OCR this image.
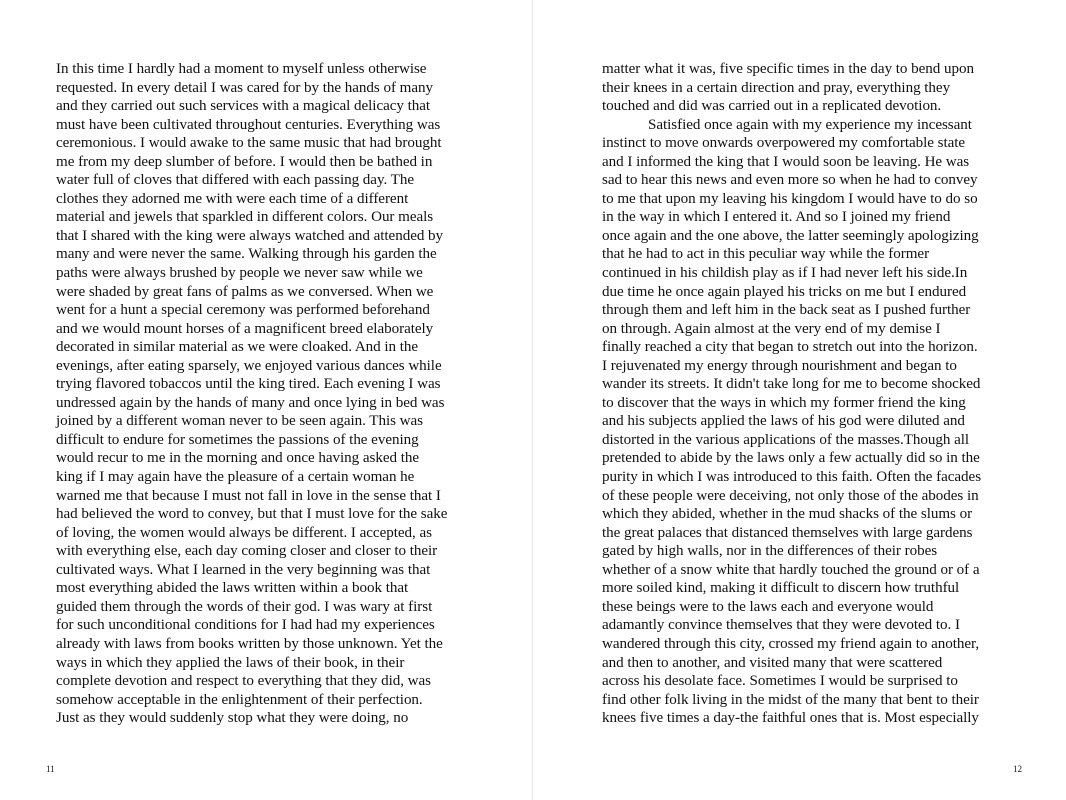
In this time I hardly had a moment to myself unless otherwise
requested. In every detail I was cared for by the hands of many
and they carried out such services with a magical delicacy that
must have been cultivated throughout centuries. Everything was
ceremonious. I would awake to the same music that had brought
me from my deep slumber of before. I would then be bathed in
water full of cloves that differed with each passing day. The
clothes they adorned me with were each time of a different
material and jewels that sparkled in different colors. Our meals
that I shared with the king were always watched and attended by
many and were never the same. Walking through his garden the
paths were always brushed by people we never saw while we
were shaded by great fans of palms as we conversed. When we
went for a hunt a special ceremony was performed beforehand
and we would mount horses of a magnificent breed elaborately
decorated in similar material as we were cloaked. And in the
evenings, after eating sparsely, we enjoyed various dances while
trying flavored tobaccos until the king tired. Each evening I was
undressed again by the hands of many and once lying in bed was
joined by a different woman never to be seen again. This was
difficult to endure for sometimes the passions of the evening
would recur to me in the morning and once having asked the
king if I may again have the pleasure of a certain woman he
warned me that because I must not fall in love in the sense that I
had believed the word to convey, but that I must love for the sake
of loving, the women would always be different. I accepted, as
with everything else, each day coming closer and closer to their
cultivated ways. What I learned in the very beginning was that
most everything abided the laws written within a book that
guided them through the words of their god. I was wary at first
for such unconditional conditions for I had had my experiences
already with laws from books written by those unknown. Yet the
ways in which they applied the laws of their book, in their
complete devotion and respect to everything that they did, was
somehow acceptable in the enlightenment of their perfection.
Just as they would suddenly stop what they were doing, no
11
matter what it was, five specific times in the day to bend upon
their knees in a certain direction and pray, everything they
touched and did was carried out in a replicated devotion.
Satisfied once again with my experience my incessant
instinct to move onwards overpowered my comfortable state
and I informed the king that I would soon be leaving. He was
sad to hear this news and even more so when he had to convey
to me that upon my leaving his kingdom I would have to do so
in the way in which I entered it. And so I joined my friend
once again and the one above, the latter seemingly apologizing
that he had to act in this peculiar way while the former
continued in his childish play as if I had never left his side.In
due time he once again played his tricks on me but I endured
through them and left him in the back seat as I pushed further
on through. Again almost at the very end of my demise I
finally reached a city that began to stretch out into the horizon.
I rejuvenated my energy through nourishment and began to
wander its streets. It didn't take long for me to become shocked
to discover that the ways in which my former friend the king
and his subjects applied the laws of his god were diluted and
distorted in the various applications of the masses.Though all
pretended to abide by the laws only a few actually did so in the
purity in which I was introduced to this faith. Often the facades
of these people were deceiving, not only those of the abodes in
which they abided, whether in the mud shacks of the slums or
the great palaces that distanced themselves with large gardens
gated by high walls, nor in the differences of their robes
whether of a snow white that hardly touched the ground or of a
more soiled kind, making it difficult to discern how truthful
these beings were to the laws each and everyone would
adamantly convince themselves that they were devoted to. I
wandered through this city, crossed my friend again to another,
and then to another, and visited many that were scattered
across his desolate face. Sometimes I would be surprised to
find other folk living in the midst of the many that bent to their
knees five times a day-the faithful ones that is. Most especially
12
